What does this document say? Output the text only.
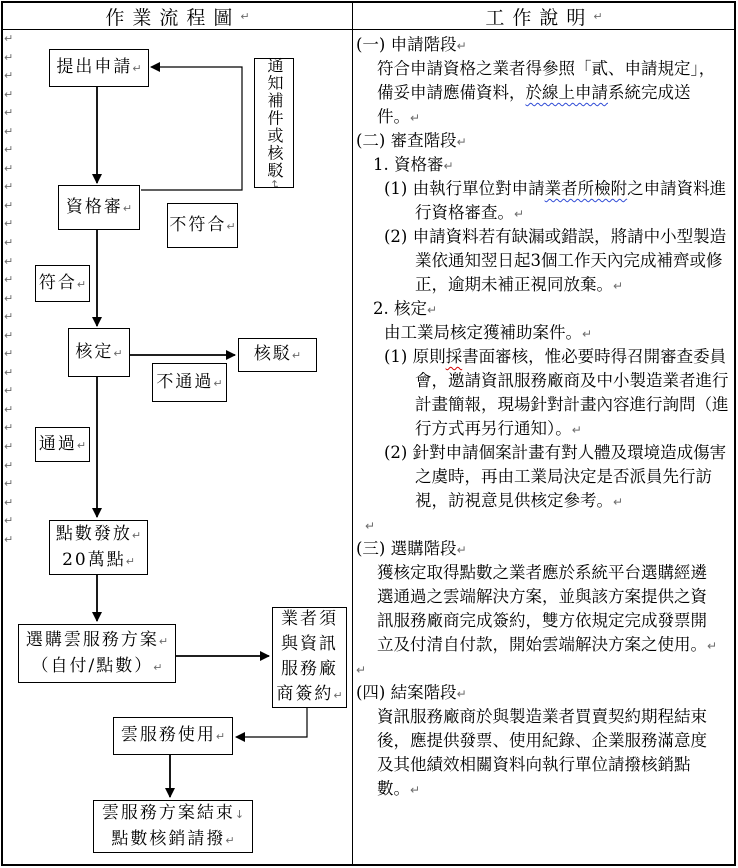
作業流程圖 ↵	工作說明 ↵
提出申請↵	通知補件或核駁↵
資格審↵
不符合↵
符合↵
核定↵	核駁↵
不通過↵
通過↵
點數發放↵
20萬點↵
選購雲服務方案↵
（自付/點數）↵
業者須
與資訊
服務廠
商簽約↵
雲服務使用↵
雲服務方案結束↓
點數核銷請撥↵
↵
↵
↵
↵
↵
↵
↵
↵
↵
↵
↵
↵
↵
↵
↵
↵
↵
↵
↵
↵
↵
↵
↵
↵
↵
↵
↵
↵
(一) 申請階段↵
符合申請資格之業者得參照「貳、申請規定」，
備妥申請應備資料，於線上申請系統完成送
件。↵
(二) 審查階段↵
1. 資格審↵
(1) 由執行單位對申請業者所檢附之申請資料進
行資格審查。↵
(2) 申請資料若有缺漏或錯誤，將請中小型製造
業依通知翌日起3個工作天內完成補齊或修
正，逾期未補正視同放棄。↵
2. 核定↵
由工業局核定獲補助案件。↵
(1) 原則採書面審核，惟必要時得召開審查委員
會，邀請資訊服務廠商及中小製造業者進行
計畫簡報，現場針對計畫內容進行詢問（進
行方式再另行通知）。↵
(2) 針對申請個案計畫有對人體及環境造成傷害
之虞時，再由工業局決定是否派員先行訪
視，訪視意見供核定參考。↵
↵
(三) 選購階段↵
獲核定取得點數之業者應於系統平台選購經遴
選通過之雲端解決方案，並與該方案提供之資
訊服務廠商完成簽約，雙方依規定完成發票開
立及付清自付款，開始雲端解決方案之使用。↵
↵
(四) 結案階段↵
資訊服務廠商於與製造業者買賣契約期程結束
後，應提供發票、使用紀錄、企業服務滿意度
及其他績效相關資料向執行單位請撥核銷點
數。↵
